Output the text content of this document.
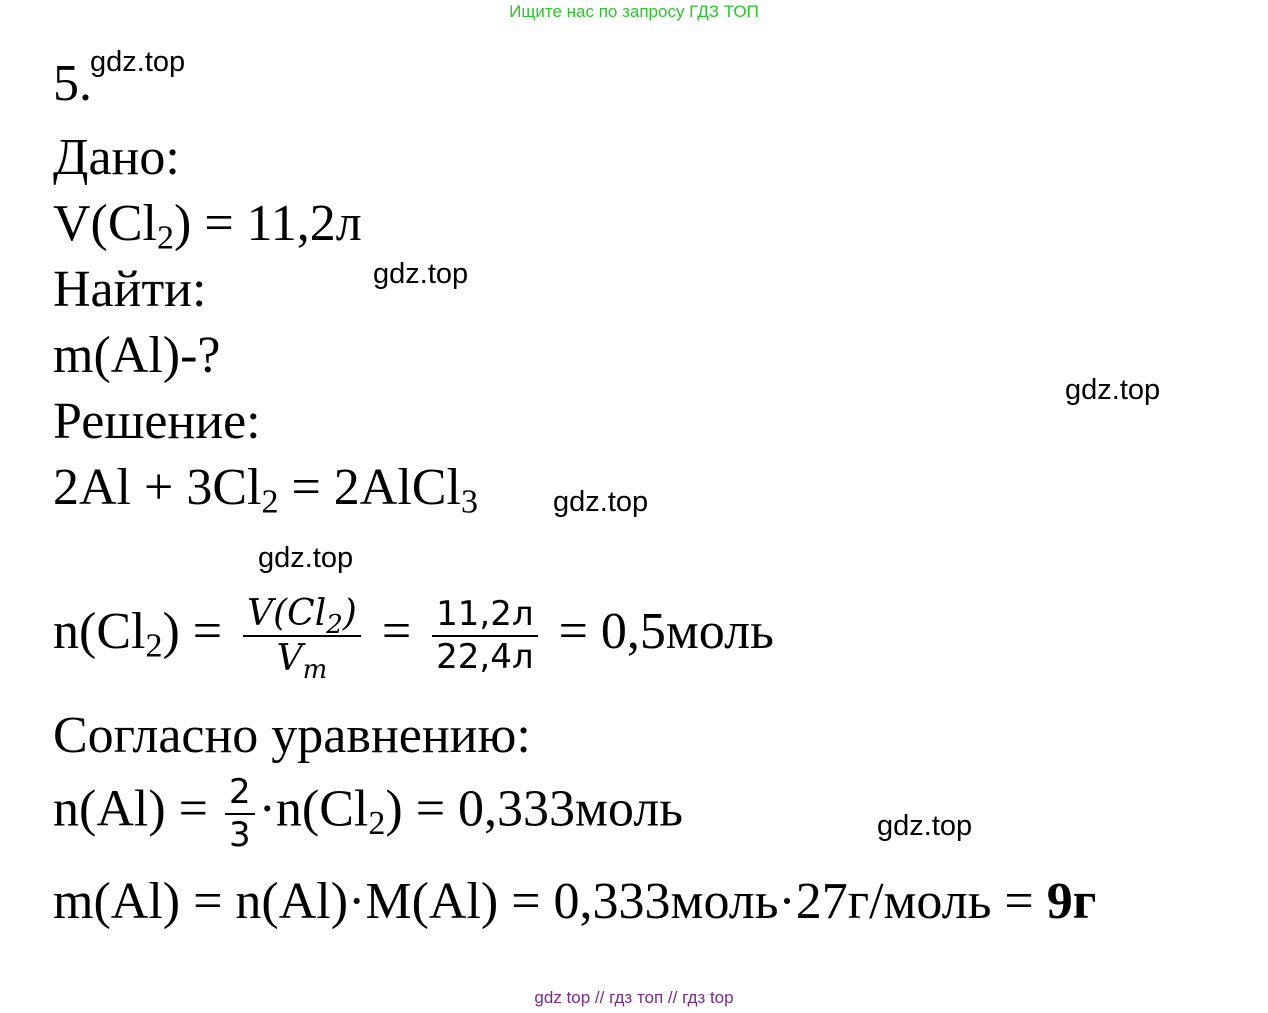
Ищите нас по запросу ГДЗ ТОП
5.
Дано:
$V(Cl_2) = 11,2л$
Найти:
m(Al)-?
Решение:
$2Al + 3Cl_2$ = 2AlCl$_3$
$n(Cl_2) = \frac{V(Cl_2)}{V_m} = \frac{11,2л}{22,4л}$ = 0,5моль
Согласно уравнению:
$n(Al) = \frac{2}{3} \cdot n(Cl_2)$ = 0,333моль
m(Al) = n(Al)·M(Al) = 0,333моль·27г/моль = 9г
gdz.top
gdz.top
gdz.top
gdz.top
gdz.top
gdz.top
gdz top // гдз топ // гдз top
